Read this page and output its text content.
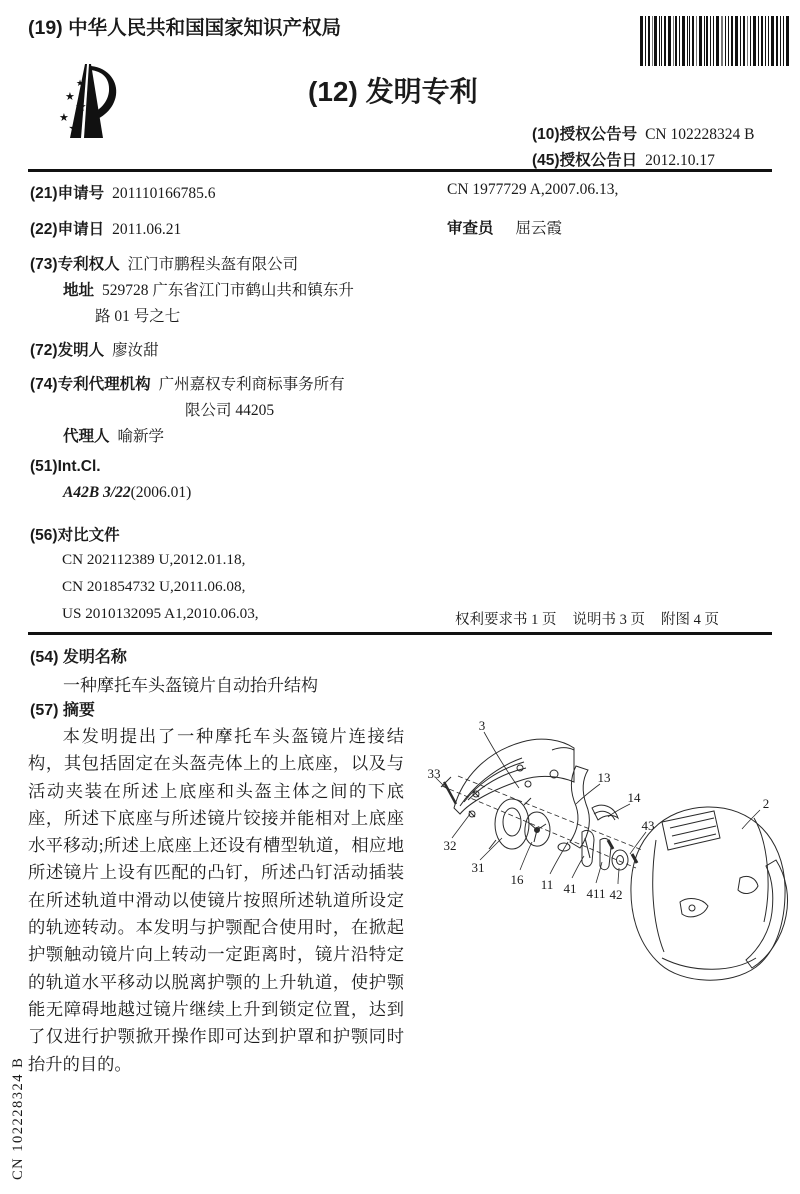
(19) 中华人民共和国国家知识产权局
★
★
★
★
★
(12) 发明专利
(10)授权公告号 CN 102228324 B
(45)授权公告日 2012.10.17
(21)申请号 201110166785.6
(22)申请日 2011.06.21
(73)专利权人 江门市鹏程头盔有限公司
地址 529728 广东省江门市鹤山共和镇东升
路 01 号之七
(72)发明人 廖汝甜
(74)专利代理机构 广州嘉权专利商标事务所有
限公司 44205
代理人 喻新学
(51)Int.Cl.
A42B 3/22 (2006.01)
(56)对比文件
CN 202112389 U,2012.01.18,
CN 201854732 U,2011.06.08,
US 2010132095 A1,2010.06.03,
CN 1977729 A,2007.06.13,
审查员 屈云霞
权利要求书 1 页 说明书 3 页 附图 4 页
(54) 发明名称
一种摩托车头盔镜片自动抬升结构
(57) 摘要
本发明提出了一种摩托车头盔镜片连接结构，其包括固定在头盔壳体上的上底座，以及与活动夹装在所述上底座和头盔主体之间的下底座，所述下底座与所述镜片铰接并能相对上底座水平移动;所述上底座上还设有槽型轨道，相应地所述镜片上设有匹配的凸钉，所述凸钉活动插装在所述轨道中滑动以使镜片按照所述轨道所设定的轨迹转动。本发明与护颚配合使用时，在掀起护颚触动镜片向上转动一定距离时，镜片沿特定的轨道水平移动以脱离护颚的上升轨道，使护颚能无障碍地越过镜片继续上升到锁定位置，达到了仅进行护颚掀开操作即可达到护罩和护颚同时抬升的目的。
3
33
32
31
16 11 41 411 42
43
13
14	2
CN 102228324 B
